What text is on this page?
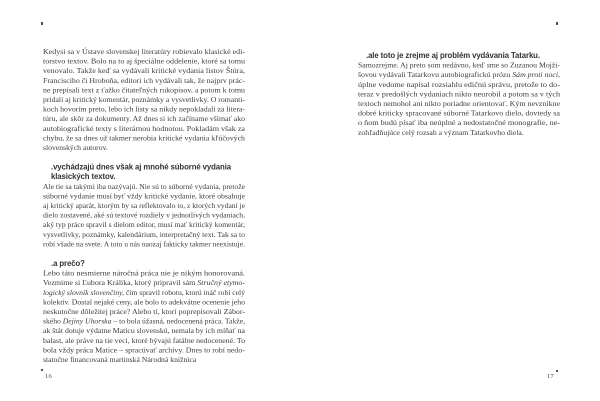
Kedysi sa v Ústave slovenskej literatúry robievalo klasické edi-
torstvo textov. Bolo na to aj špeciálne oddelenie, ktoré sa tomu
venovalo. Takže keď sa vydávali kritické vydania listov Štúra,
Francisciho či Hroboňa, editori ich vydávali tak, že najprv prác-
ne prepísali text z ťažko čitateľných rukopisov, a potom k tomu
pridali aj kritický komentár, poznámky a vysvetlivky. O romanti-
koch hovorím preto, lebo ich listy sa nikdy nepokladali za litera-
túru, ale skôr za dokumenty. Až dnes si ich začíname všímať ako
autobiografické texty s literárnou hodnotou. Pokladám však za
chybu, že sa dnes už takmer nerobia kritické vydania kľúčových
slovenských autorov.
.vychádzajú dnes však aj mnohé súborné vydania
klasických textov.
Ale tie sa takými iba nazývajú. Nie sú to súborné vydania, pretože
súborné vydanie musí byť vždy kritické vydanie, ktoré obsahuje
aj kritický aparát, ktorým by sa reflektovalo to, z ktorých vydaní je
dielo zostavené, aké sú textové rozdiely v jednotlivých vydaniach,
aký typ práce spravil s dielom editor, musí mať kritický komentár,
vysvetlivky, poznámky, kalendárium, interpretačný text. Tak sa to
robí všade na svete. A toto u nás naozaj fakticky takmer neexistuje.
.a prečo?
Lebo táto nesmierne náročná práca nie je nikým honorovaná.
Vezmime si Ľubora Králika, ktorý pripravil sám Stručný etymo-
logický slovník slovenčiny, čím spravil robotu, ktorú ináč robí celý
kolektív. Dostal nejaké ceny, ale bolo to adekvátne ocenenie jeho
neskutočne dôležitej práce? Alebo tí, ktorí poprepisovali Zábor-
ského Dejiny Uhorska – to bola úžasná, nedocenená práca. Takže,
ak štát dotuje výdatne Maticu slovenskú, nemala by ich míňať na
balast, ale práve na tie veci, ktoré bývajú fatálne nedocenené. To
bola vždy práca Matice – spracúvať archívy. Dnes to robí nedo-
statočne financovaná martinská Národná knižnica
.ale toto je zrejme aj problém vydávania Tatarku.
Samozrejme. Aj preto som nedávno, keď sme so Zuzanou Mojži-
šovou vydávali Tatarkovu autobiografickú prózu Sám proti noci,
úplne vedome napísal rozsiahlu edičnú správu, pretože to do-
teraz v predošlých vydaniach nikto neurobil a potom sa v tých
textoch nemohol ani nikto poriadne orientovať. Kým nevznikne
dobré kriticky spracované súborné Tatarkovo dielo, dovtedy sa
o ňom budú písať iba neúplné a nedostatočné monografie, ne-
zohľadňujúce celý rozsah a význam Tatarkovho diela.
16	17
